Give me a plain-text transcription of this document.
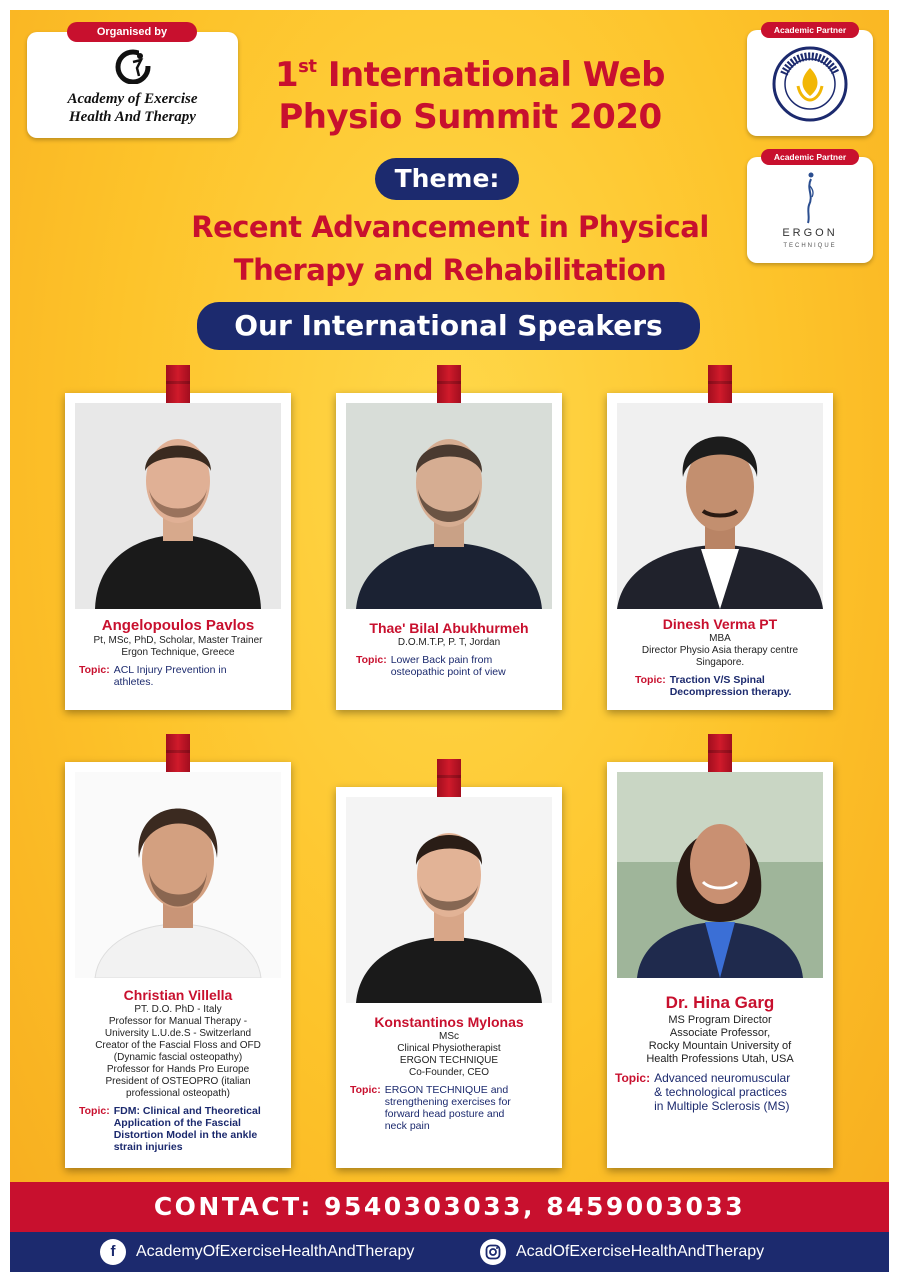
Organised by
Academy of Exercise
Health And Therapy
1st International Web
Physio Summit 2020
Academic Partner
Academic Partner
ERGON
TECHNIQUE
Theme:
Recent Advancement in Physical Therapy and Rehabilitation
Our International Speakers
Angelopoulos Pavlos
Pt, MSc, PhD, Scholar, Master Trainer
Ergon Technique, Greece
Topic: ACL Injury Prevention in
athletes.
Thae' Bilal Abukhurmeh
D.O.M.T.P, P. T, Jordan
Topic: Lower Back pain from
osteopathic point of view
Dinesh Verma PT
MBA
Director Physio Asia therapy centre
Singapore.
Topic: Traction V/S Spinal
Decompression therapy.
Christian Villella
PT. D.O. PhD - Italy
Professor for Manual Therapy -
University L.U.de.S - Switzerland
Creator of the Fascial Floss and OFD
(Dynamic fascial osteopathy)
Professor for Hands Pro Europe
President of OSTEOPRO (italian
professional osteopath)
Topic: FDM: Clinical and Theoretical
Application of the Fascial
Distortion Model in the ankle
strain injuries
Konstantinos Mylonas
MSc
Clinical Physiotherapist
ERGON TECHNIQUE
Co-Founder, CEO
Topic: ERGON TECHNIQUE and
strengthening exercises for
forward head posture and
neck pain
Dr. Hina Garg
MS Program Director
Associate Professor,
Rocky Mountain University of
Health Professions Utah, USA
Topic: Advanced neuromuscular
& technological practices
in Multiple Sclerosis (MS)
CONTACT: 9540303033, 8459003033
f	AcademyOfExerciseHealthAndTherapy	AcadOfExerciseHealthAndTherapy
